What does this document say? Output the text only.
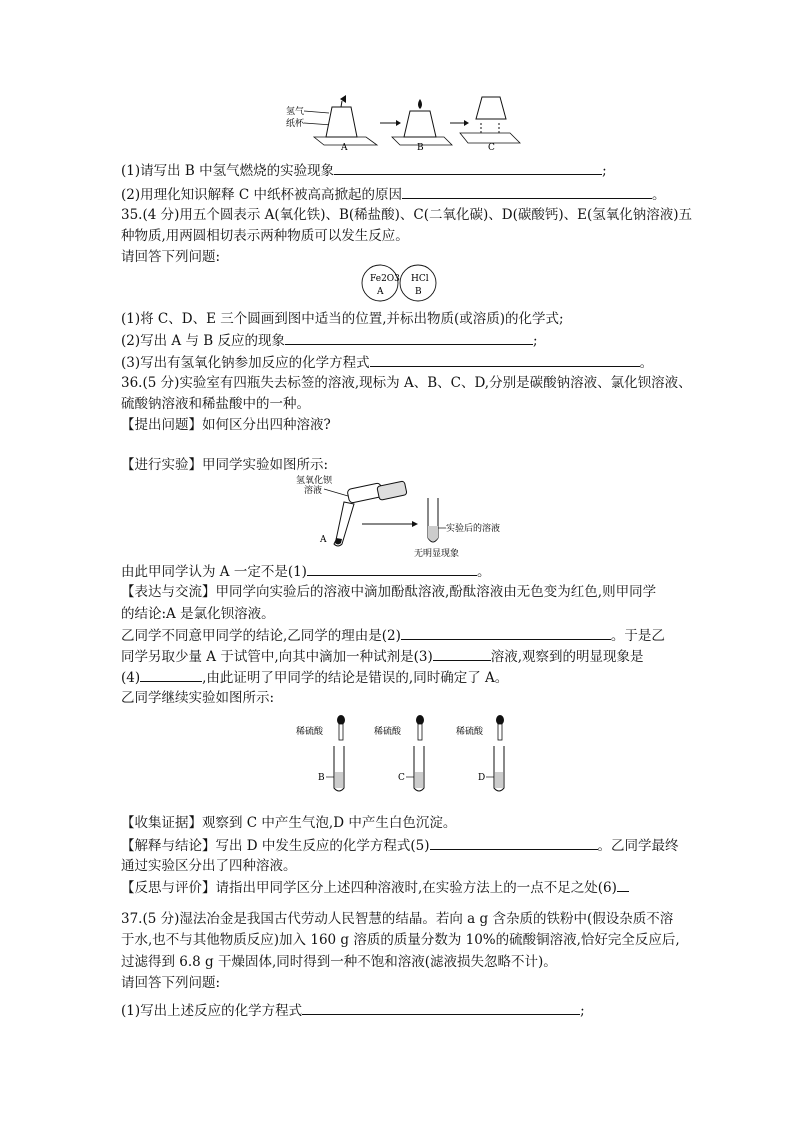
氢气
纸杯
A	B	C
(1)请写出 B 中氢气燃烧的实验现象	;
(2)用理化知识解释 C 中纸杯被高高掀起的原因	。
35.(4 分)用五个圆表示 A(氧化铁)、B(稀盐酸)、C(二氧化碳)、D(碳酸钙)、E(氢氧化钠溶液)五
种物质,用两圆相切表示两种物质可以发生反应。
请回答下列问题:
Fe2O3
A
HCl
B
(1)将 C、D、E 三个圆画到图中适当的位置,并标出物质(或溶质)的化学式;
(2)写出 A 与 B 反应的现象	;
(3)写出有氢氧化钠参加反应的化学方程式	。
36.(5 分)实验室有四瓶失去标签的溶液,现标为 A、B、C、D,分别是碳酸钠溶液、氯化钡溶液、
硫酸钠溶液和稀盐酸中的一种。
【提出问题】如何区分出四种溶液?
【进行实验】甲同学实验如图所示:
氢氧化钡
溶液
A
实验后的溶液
无明显现象
由此甲同学认为 A 一定不是(1)	。
【表达与交流】甲同学向实验后的溶液中滴加酚酞溶液,酚酞溶液由无色变为红色,则甲同学
的结论:A 是氯化钡溶液。
乙同学不同意甲同学的结论,乙同学的理由是(2)	。于是乙
同学另取少量 A 于试管中,向其中滴加一种试剂是(3)	溶液,观察到的明显现象是
(4)	,由此证明了甲同学的结论是错误的,同时确定了 A。
乙同学继续实验如图所示:
稀硫酸
B
稀硫酸
C
稀硫酸
D
【收集证据】观察到 C 中产生气泡,D 中产生白色沉淀。
【解释与结论】写出 D 中发生反应的化学方程式(5)	。乙同学最终
通过实验区分出了四种溶液。
【反思与评价】请指出甲同学区分上述四种溶液时,在实验方法上的一点不足之处(6)
37.(5 分)湿法冶金是我国古代劳动人民智慧的结晶。若向 a g 含杂质的铁粉中(假设杂质不溶
于水,也不与其他物质反应)加入 160 g 溶质的质量分数为 10%的硫酸铜溶液,恰好完全反应后,
过滤得到 6.8 g 干燥固体,同时得到一种不饱和溶液(滤液损失忽略不计)。
请回答下列问题:
(1)写出上述反应的化学方程式	;
